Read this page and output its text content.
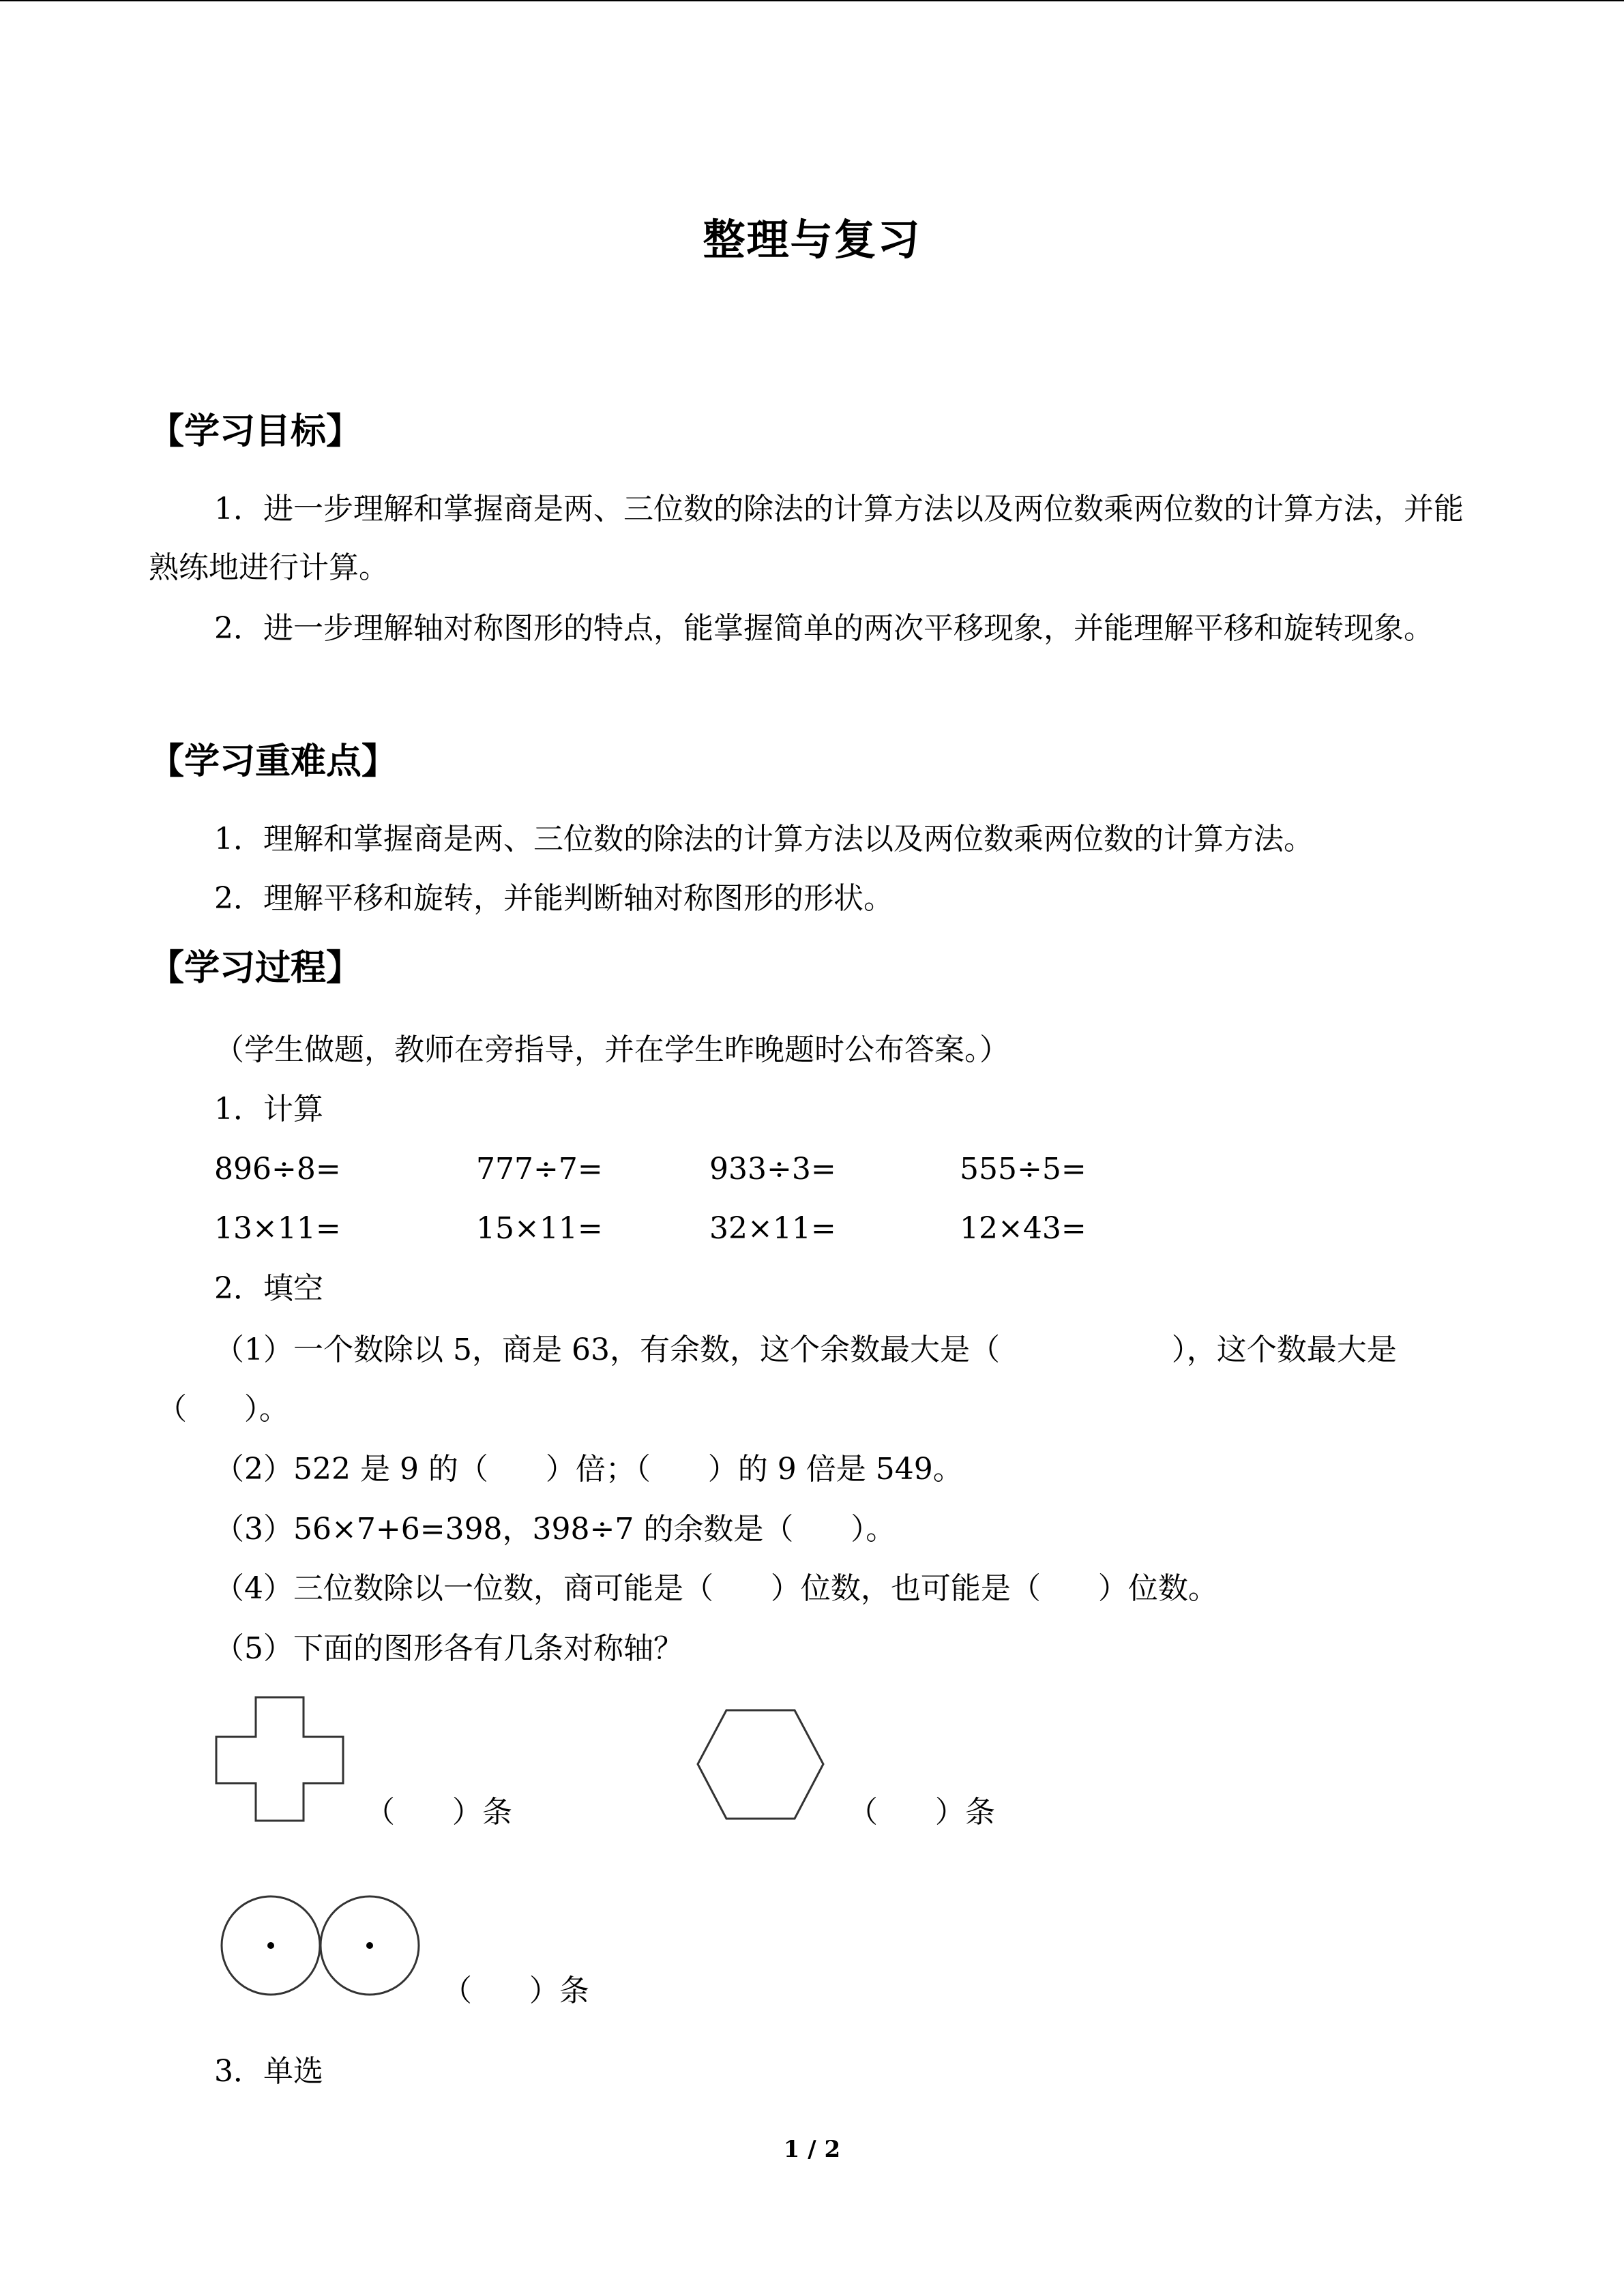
整理与复习
【学习目标】
1．进一步理解和掌握商是两、三位数的除法的计算方法以及两位数乘两位数的计算方法，并能熟练地进行计算。
2．进一步理解轴对称图形的特点，能掌握简单的两次平移现象，并能理解平移和旋转现象。
【学习重难点】
1．理解和掌握商是两、三位数的除法的计算方法以及两位数乘两位数的计算方法。
2．理解平移和旋转，并能判断轴对称图形的形状。
【学习过程】
（学生做题，教师在旁指导，并在学生昨晚题时公布答案。）
1．计算
896÷8=	777÷7=	933÷3=	555÷5=
13×11=	15×11=	32×11=	12×43=
2．填空
（1）一个数除以 5，商是 63，有余数，这个余数最大是（                  ），这个数最大是
（      ）。
（2）522 是 9 的（      ）倍；（      ）的 9 倍是 549。
（3）56×7+6=398，398÷7 的余数是（      ）。
（4）三位数除以一位数，商可能是（      ）位数，也可能是（      ）位数。
（5）下面的图形各有几条对称轴？
（      ）条	（      ）条
（      ）条
3．单选
1 / 2
